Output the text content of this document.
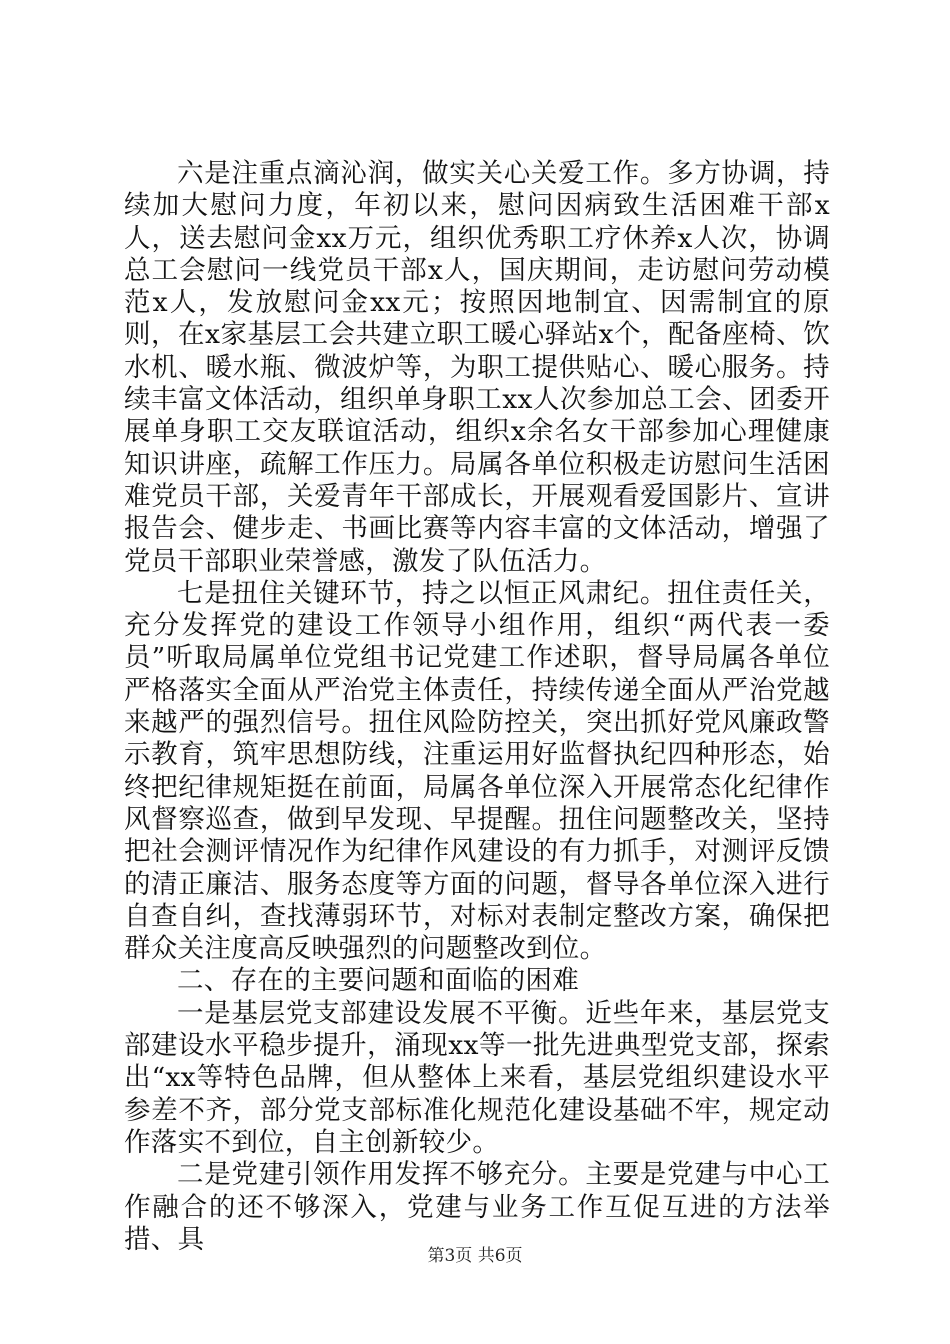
六是注重点滴沁润，做实关心关爱工作。多方协调，持续加大慰问力度，年初以来，慰问因病致生活困难干部x人，送去慰问金xx万元，组织优秀职工疗休养x人次，协调总工会慰问一线党员干部x人，国庆期间，走访慰问劳动模范x人，发放慰问金xx元；按照因地制宜、因需制宜的原则，在x家基层工会共建立职工暖心驿站x个，配备座椅、饮水机、暖水瓶、微波炉等，为职工提供贴心、暖心服务。持续丰富文体活动，组织单身职工xx人次参加总工会、团委开展单身职工交友联谊活动，组织x余名女干部参加心理健康知识讲座，疏解工作压力。局属各单位积极走访慰问生活困难党员干部，关爱青年干部成长，开展观看爱国影片、宣讲报告会、健步走、书画比赛等内容丰富的文体活动，增强了党员干部职业荣誉感，激发了队伍活力。

七是扭住关键环节，持之以恒正风肃纪。扭住责任关，充分发挥党的建设工作领导小组作用，组织“两代表一委员”听取局属单位党组书记党建工作述职，督导局属各单位严格落实全面从严治党主体责任，持续传递全面从严治党越来越严的强烈信号。扭住风险防控关，突出抓好党风廉政警示教育，筑牢思想防线，注重运用好监督执纪四种形态，始终把纪律规矩挺在前面，局属各单位深入开展常态化纪律作风督察巡查，做到早发现、早提醒。扭住问题整改关，坚持把社会测评情况作为纪律作风建设的有力抓手，对测评反馈的清正廉洁、服务态度等方面的问题，督导各单位深入进行自查自纠，查找薄弱环节，对标对表制定整改方案，确保把群众关注度高反映强烈的问题整改到位。

二、存在的主要问题和面临的困难

一是基层党支部建设发展不平衡。近些年来，基层党支部建设水平稳步提升，涌现xx等一批先进典型党支部，探索出“xx等特色品牌，但从整体上来看，基层党组织建设水平参差不齐，部分党支部标准化规范化建设基础不牢，规定动作落实不到位，自主创新较少。

二是党建引领作用发挥不够充分。主要是党建与中心工作融合的还不够深入，党建与业务工作互促互进的方法举措、具

第3页 共6页
